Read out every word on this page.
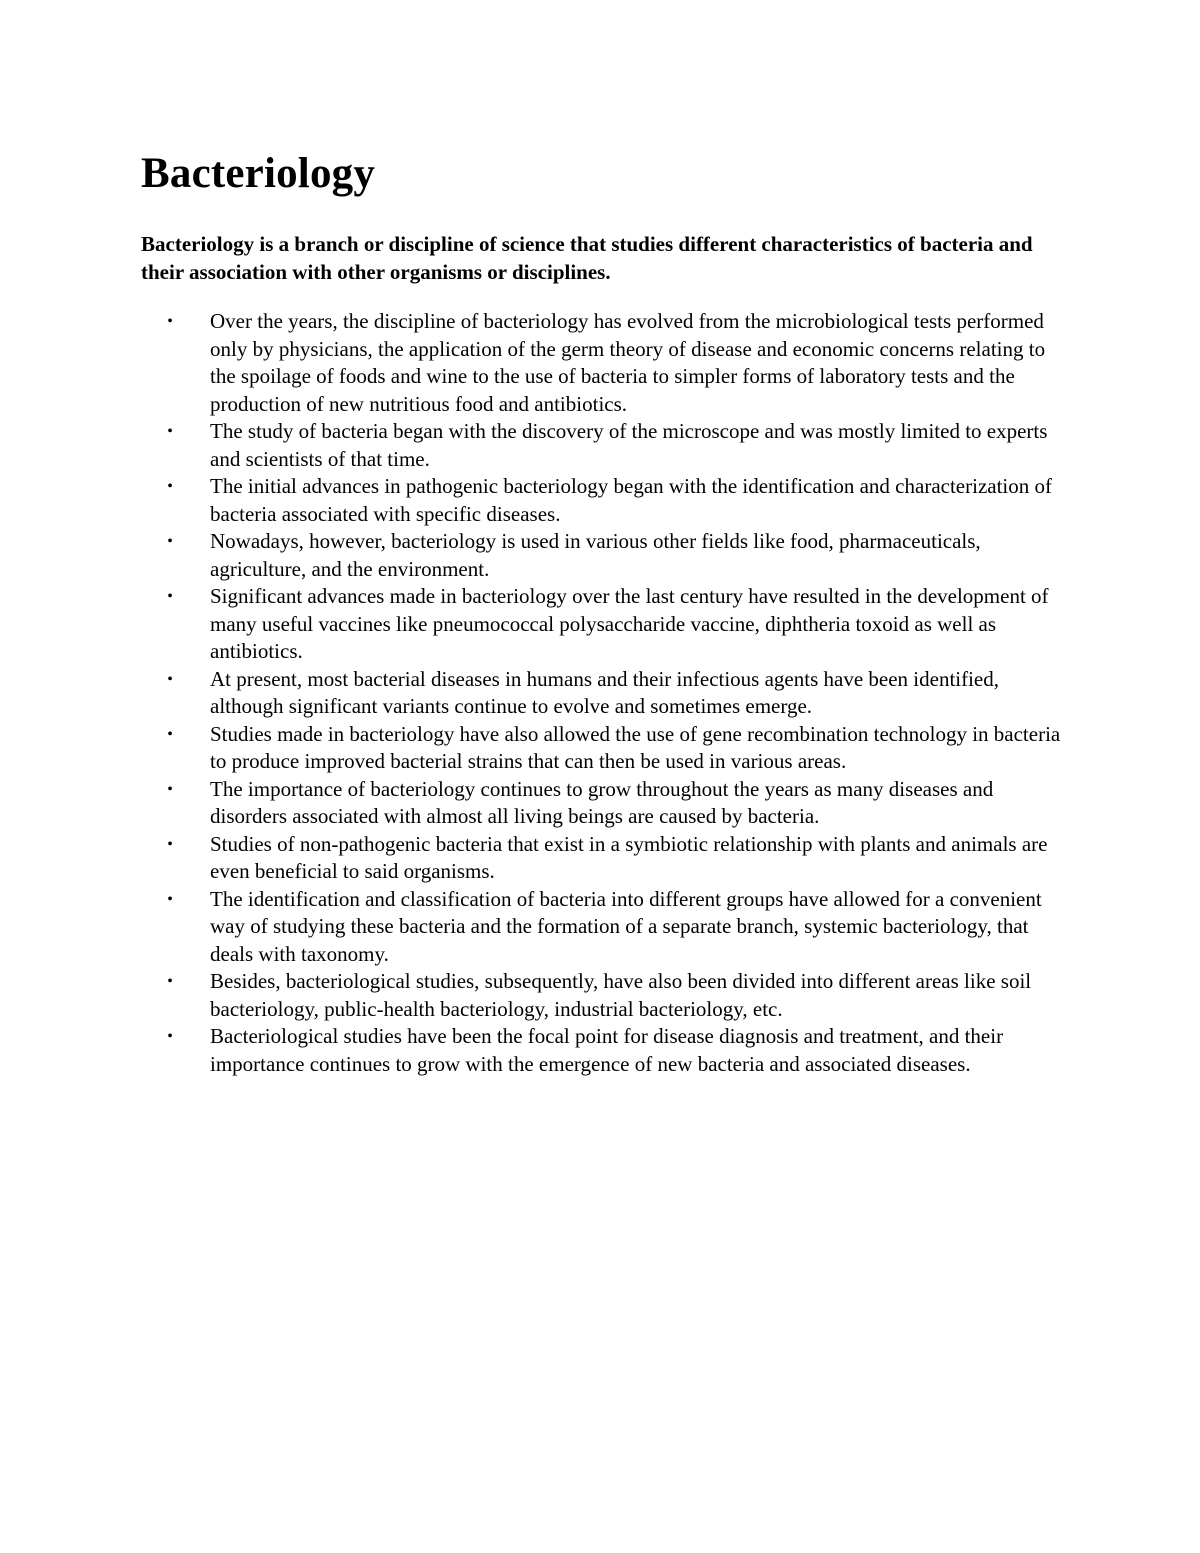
Bacteriology

Bacteriology is a branch or discipline of science that studies different characteristics of bacteria and their association with other organisms or disciplines.

• Over the years, the discipline of bacteriology has evolved from the microbiological tests performed only by physicians, the application of the germ theory of disease and economic concerns relating to the spoilage of foods and wine to the use of bacteria to simpler forms of laboratory tests and the production of new nutritious food and antibiotics.
• The study of bacteria began with the discovery of the microscope and was mostly limited to experts and scientists of that time.
• The initial advances in pathogenic bacteriology began with the identification and characterization of bacteria associated with specific diseases.
• Nowadays, however, bacteriology is used in various other fields like food, pharmaceuticals, agriculture, and the environment.
• Significant advances made in bacteriology over the last century have resulted in the development of many useful vaccines like pneumococcal polysaccharide vaccine, diphtheria toxoid as well as antibiotics.
• At present, most bacterial diseases in humans and their infectious agents have been identified, although significant variants continue to evolve and sometimes emerge.
• Studies made in bacteriology have also allowed the use of gene recombination technology in bacteria to produce improved bacterial strains that can then be used in various areas.
• The importance of bacteriology continues to grow throughout the years as many diseases and disorders associated with almost all living beings are caused by bacteria.
• Studies of non-pathogenic bacteria that exist in a symbiotic relationship with plants and animals are even beneficial to said organisms.
• The identification and classification of bacteria into different groups have allowed for a convenient way of studying these bacteria and the formation of a separate branch, systemic bacteriology, that deals with taxonomy.
• Besides, bacteriological studies, subsequently, have also been divided into different areas like soil bacteriology, public-health bacteriology, industrial bacteriology, etc.
• Bacteriological studies have been the focal point for disease diagnosis and treatment, and their importance continues to grow with the emergence of new bacteria and associated diseases.
